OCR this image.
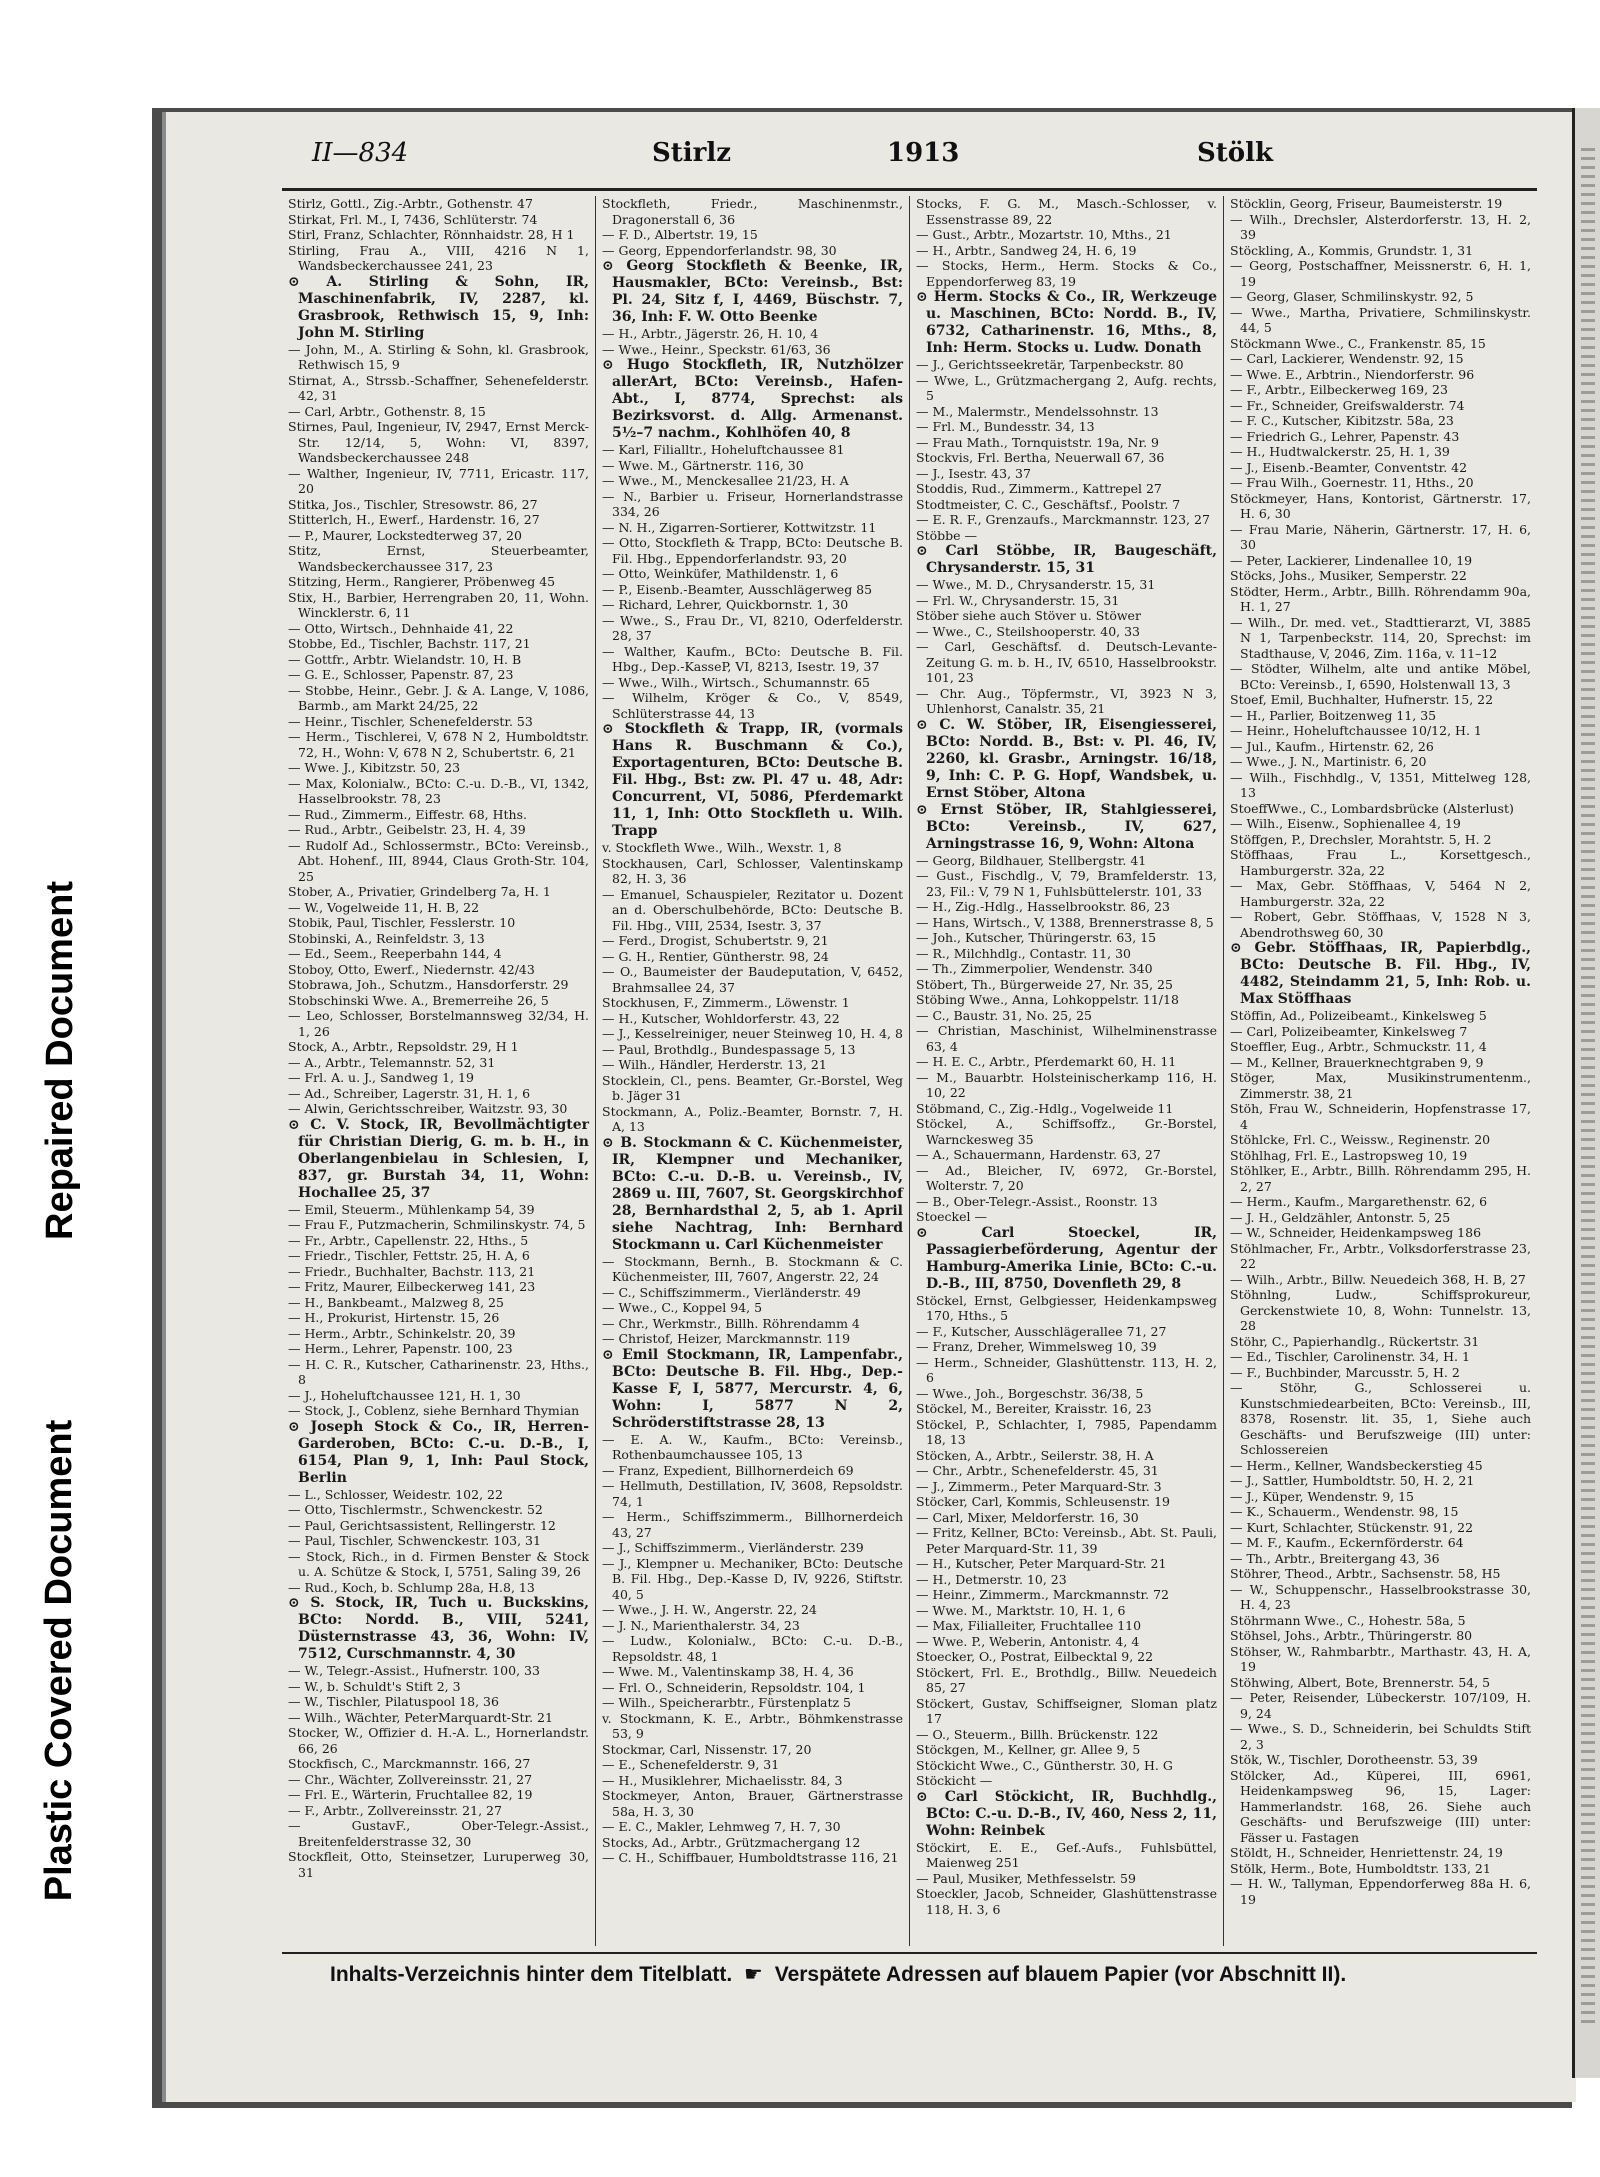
Plastic Covered Document
Repaired Document
II—834	Stirlz	1913	Stölk

Stirlz, Gottl., Zig.-Arbtr., Gothenstr. 47

Stirkat, Frl. M., I, 7436, Schlüterstr. 74

Stirl, Franz, Schlachter, Rönnhaidstr. 28, H 1

Stirling, Frau A., VIII, 4216 N 1, Wandsbeckerchaussee 241, 23

⊙ A. Stirling & Sohn, IR, Maschinenfabrik, IV, 2287, kl. Grasbrook, Rethwisch 15, 9, Inh: John M. Stirling

— John, M., A. Stirling & Sohn, kl. Grasbrook, Rethwisch 15, 9

Stirnat, A., Strssb.-Schaffner, Sehenefelderstr. 42, 31

— Carl, Arbtr., Gothenstr. 8, 15

Stirnes, Paul, Ingenieur, IV, 2947, Ernst Merck-Str. 12/14, 5, Wohn: VI, 8397, Wandsbeckerchaussee 248

— Walther, Ingenieur, IV, 7711, Ericastr. 117, 20

Stitka, Jos., Tischler, Stresowstr. 86, 27

Stitterlch, H., Ewerf., Hardenstr. 16, 27

— P., Maurer, Lockstedterweg 37, 20

Stitz, Ernst, Steuerbeamter, Wandsbeckerchaussee 317, 23

Stitzing, Herm., Rangierer, Pröbenweg 45

Stix, H., Barbier, Herrengraben 20, 11, Wohn. Wincklerstr. 6, 11

— Otto, Wirtsch., Dehnhaide 41, 22

Stobbe, Ed., Tischler, Bachstr. 117, 21

— Gottfr., Arbtr. Wielandstr. 10, H. B

— G. E., Schlosser, Papenstr. 87, 23

— Stobbe, Heinr., Gebr. J. & A. Lange, V, 1086, Barmb., am Markt 24/25, 22

— Heinr., Tischler, Schenefelderstr. 53

— Herm., Tischlerei, V, 678 N 2, Humboldtstr. 72, H., Wohn: V, 678 N 2, Schubertstr. 6, 21

— Wwe. J., Kibitzstr. 50, 23

— Max, Kolonialw., BCto: C.-u. D.-B., VI, 1342, Hasselbrookstr. 78, 23

— Rud., Zimmerm., Eiffestr. 68, Hths.

— Rud., Arbtr., Geibelstr. 23, H. 4, 39

— Rudolf Ad., Schlossermstr., BCto: Vereinsb., Abt. Hohenf., III, 8944, Claus Groth-Str. 104, 25

Stober, A., Privatier, Grindelberg 7a, H. 1

— W., Vogelweide 11, H. B, 22

Stobik, Paul, Tischler, Fesslerstr. 10

Stobinski, A., Reinfeldstr. 3, 13

— Ed., Seem., Reeperbahn 144, 4

Stoboy, Otto, Ewerf., Niedernstr. 42/43

Stobrawa, Joh., Schutzm., Hansdorferstr. 29

Stobschinski Wwe. A., Bremerreihe 26, 5

— Leo, Schlosser, Borstelmannsweg 32/34, H. 1, 26

Stock, A., Arbtr., Repsoldstr. 29, H 1

— A., Arbtr., Telemannstr. 52, 31

— Frl. A. u. J., Sandweg 1, 19

— Ad., Schreiber, Lagerstr. 31, H. 1, 6

— Alwin, Gerichtsschreiber, Waitzstr. 93, 30

⊙ C. V. Stock, IR, Bevollmächtigter für Christian Dierig, G. m. b. H., in Oberlangenbielau in Schlesien, I, 837, gr. Burstah 34, 11, Wohn: Hochallee 25, 37

— Emil, Steuerm., Mühlenkamp 54, 39

— Frau F., Putzmacherin, Schmilinskystr. 74, 5

— Fr., Arbtr., Capellenstr. 22, Hths., 5

— Friedr., Tischler, Fettstr. 25, H. A, 6

— Friedr., Buchhalter, Bachstr. 113, 21

— Fritz, Maurer, Eilbeckerweg 141, 23

— H., Bankbeamt., Malzweg 8, 25

— H., Prokurist, Hirtenstr. 15, 26

— Herm., Arbtr., Schinkelstr. 20, 39

— Herm., Lehrer, Papenstr. 100, 23

— H. C. R., Kutscher, Catharinenstr. 23, Hths., 8

— J., Hoheluftchaussee 121, H. 1, 30

— Stock, J., Coblenz, siehe Bernhard Thymian

⊙ Joseph Stock & Co., IR, Herren-Garderoben, BCto: C.-u. D.-B., I, 6154, Plan 9, 1, Inh: Paul Stock, Berlin

— L., Schlosser, Weidestr. 102, 22

— Otto, Tischlermstr., Schwenckestr. 52

— Paul, Gerichtsassistent, Rellingerstr. 12

— Paul, Tischler, Schwenckestr. 103, 31

— Stock, Rich., in d. Firmen Benster & Stock u. A. Schütze & Stock, I, 5751, Saling 39, 26

— Rud., Koch, b. Schlump 28a, H.8, 13

⊙ S. Stock, IR, Tuch u. Buckskins, BCto: Nordd. B., VIII, 5241, Düsternstrasse 43, 36, Wohn: IV, 7512, Curschmannstr. 4, 30

— W., Telegr.-Assist., Hufnerstr. 100, 33

— W., b. Schuldt's Stift 2, 3

— W., Tischler, Pilatuspool 18, 36

— Wilh., Wächter, PeterMarquardt-Str. 21

Stocker, W., Offizier d. H.-A. L., Hornerlandstr. 66, 26

Stockfisch, C., Marckmannstr. 166, 27

— Chr., Wächter, Zollvereinsstr. 21, 27

— Frl. E., Wärterin, Fruchtallee 82, 19

— F., Arbtr., Zollvereinsstr. 21, 27

— GustavF., Ober-Telegr.-Assist., Breitenfelderstrasse 32, 30

Stockfleit, Otto, Steinsetzer, Luruperweg 30, 31

Stockfleth, Friedr., Maschinenmstr., Dragonerstall 6, 36

— F. D., Albertstr. 19, 15

— Georg, Eppendorferlandstr. 98, 30

⊙ Georg Stockfleth & Beenke, IR, Hausmakler, BCto: Vereinsb., Bst: Pl. 24, Sitz f, I, 4469, Büschstr. 7, 36, Inh: F. W. Otto Beenke

— H., Arbtr., Jägerstr. 26, H. 10, 4

— Wwe., Heinr., Speckstr. 61/63, 36

⊙ Hugo Stockfleth, IR, Nutzhölzer allerArt, BCto: Vereinsb., Hafen-Abt., I, 8774, Sprechst: als Bezirksvorst. d. Allg. Armenanst. 5½–7 nachm., Kohlhöfen 40, 8

— Karl, Filialltr., Hoheluftchaussee 81

— Wwe. M., Gärtnerstr. 116, 30

— Wwe., M., Menckesallee 21/23, H. A

— N., Barbier u. Friseur, Hornerlandstrasse 334, 26

— N. H., Zigarren-Sortierer, Kottwitzstr. 11

— Otto, Stockfleth & Trapp, BCto: Deutsche B. Fil. Hbg., Eppendorferlandstr. 93, 20

— Otto, Weinküfer, Mathildenstr. 1, 6

— P., Eisenb.-Beamter, Ausschlägerweg 85

— Richard, Lehrer, Quickbornstr. 1, 30

— Wwe., S., Frau Dr., VI, 8210, Oderfelderstr. 28, 37

— Walther, Kaufm., BCto: Deutsche B. Fil. Hbg., Dep.-KasseP, VI, 8213, Isestr. 19, 37

— Wwe., Wilh., Wirtsch., Schumannstr. 65

— Wilhelm, Kröger & Co., V, 8549, Schlüterstrasse 44, 13

⊙ Stockfleth & Trapp, IR, (vormals Hans R. Buschmann & Co.), Exportagenturen, BCto: Deutsche B. Fil. Hbg., Bst: zw. Pl. 47 u. 48, Adr: Concurrent, VI, 5086, Pferdemarkt 11, 1, Inh: Otto Stockfleth u. Wilh. Trapp

v. Stockfleth Wwe., Wilh., Wexstr. 1, 8

Stockhausen, Carl, Schlosser, Valentinskamp 82, H. 3, 36

— Emanuel, Schauspieler, Rezitator u. Dozent an d. Oberschulbehörde, BCto: Deutsche B. Fil. Hbg., VIII, 2534, Isestr. 3, 37

— Ferd., Drogist, Schubertstr. 9, 21

— G. H., Rentier, Güntherstr. 98, 24

— O., Baumeister der Baudeputation, V, 6452, Brahmsallee 24, 37

Stockhusen, F., Zimmerm., Löwenstr. 1

— H., Kutscher, Wohldorferstr. 43, 22

— J., Kesselreiniger, neuer Steinweg 10, H. 4, 8

— Paul, Brothdlg., Bundespassage 5, 13

— Wilh., Händler, Herderstr. 13, 21

Stocklein, Cl., pens. Beamter, Gr.-Borstel, Weg b. Jäger 31

Stockmann, A., Poliz.-Beamter, Bornstr. 7, H. A, 13

⊙ B. Stockmann & C. Küchenmeister, IR, Klempner und Mechaniker, BCto: C.-u. D.-B. u. Vereinsb., IV, 2869 u. III, 7607, St. Georgskirchhof 28, Bernhardsthal 2, 5, ab 1. April siehe Nachtrag, Inh: Bernhard Stockmann u. Carl Küchenmeister

— Stockmann, Bernh., B. Stockmann & C. Küchenmeister, III, 7607, Angerstr. 22, 24

— C., Schiffszimmerm., Vierländerstr. 49

— Wwe., C., Koppel 94, 5

— Chr., Werkmstr., Billh. Röhrendamm 4

— Christof, Heizer, Marckmannstr. 119

⊙ Emil Stockmann, IR, Lampenfabr., BCto: Deutsche B. Fil. Hbg., Dep.-Kasse F, I, 5877, Mercurstr. 4, 6, Wohn: I, 5877 N 2, Schröderstiftstrasse 28, 13

— E. A. W., Kaufm., BCto: Vereinsb., Rothenbaumchaussee 105, 13

— Franz, Expedient, Billhornerdeich 69

— Hellmuth, Destillation, IV, 3608, Repsoldstr. 74, 1

— Herm., Schiffszimmerm., Billhornerdeich 43, 27

— J., Schiffszimmerm., Vierländerstr. 239

— J., Klempner u. Mechaniker, BCto: Deutsche B. Fil. Hbg., Dep.-Kasse D, IV, 9226, Stiftstr. 40, 5

— Wwe., J. H. W., Angerstr. 22, 24

— J. N., Marienthalerstr. 34, 23

— Ludw., Kolonialw., BCto: C.-u. D.-B., Repsoldstr. 48, 1

— Wwe. M., Valentinskamp 38, H. 4, 36

— Frl. O., Schneiderin, Repsoldstr. 104, 1

— Wilh., Speicherarbtr., Fürstenplatz 5

v. Stockmann, K. E., Arbtr., Böhmkenstrasse 53, 9

Stockmar, Carl, Nissenstr. 17, 20

— E., Schenefelderstr. 9, 31

— H., Musiklehrer, Michaelisstr. 84, 3

Stockmeyer, Anton, Brauer, Gärtnerstrasse 58a, H. 3, 30

— E. C., Makler, Lehmweg 7, H. 7, 30

Stocks, Ad., Arbtr., Grützmachergang 12

— C. H., Schiffbauer, Humboldtstrasse 116, 21

Stocks, F. G. M., Masch.-Schlosser, v. Essenstrasse 89, 22

— Gust., Arbtr., Mozartstr. 10, Mths., 21

— H., Arbtr., Sandweg 24, H. 6, 19

— Stocks, Herm., Herm. Stocks & Co., Eppendorferweg 83, 19

⊙ Herm. Stocks & Co., IR, Werkzeuge u. Maschinen, BCto: Nordd. B., IV, 6732, Catharinenstr. 16, Mths., 8, Inh: Herm. Stocks u. Ludw. Donath

— J., Gerichtsseekretär, Tarpenbeckstr. 80

— Wwe, L., Grützmachergang 2, Aufg. rechts, 5

— M., Malermstr., Mendelssohnstr. 13

— Frl. M., Bundesstr. 34, 13

— Frau Math., Tornquiststr. 19a, Nr. 9

Stockvis, Frl. Bertha, Neuerwall 67, 36

— J., Isestr. 43, 37

Stoddis, Rud., Zimmerm., Kattrepel 27

Stodtmeister, C. C., Geschäftsf., Poolstr. 7

— E. R. F., Grenzaufs., Marckmannstr. 123, 27

Stöbbe —

⊙ Carl Stöbbe, IR, Baugeschäft, Chrysanderstr. 15, 31

— Wwe., M. D., Chrysanderstr. 15, 31

— Frl. W., Chrysanderstr. 15, 31

Stöber siehe auch Stöver u. Stöwer

— Wwe., C., Steilshooperstr. 40, 33

— Carl, Geschäftsf. d. Deutsch-Levante-Zeitung G. m. b. H., IV, 6510, Hasselbrookstr. 101, 23

— Chr. Aug., Töpfermstr., VI, 3923 N 3, Uhlenhorst, Canalstr. 35, 21

⊙ C. W. Stöber, IR, Eisengiesserei, BCto: Nordd. B., Bst: v. Pl. 46, IV, 2260, kl. Grasbr., Arningstr. 16/18, 9, Inh: C. P. G. Hopf, Wandsbek, u. Ernst Stöber, Altona

⊙ Ernst Stöber, IR, Stahlgiesserei, BCto: Vereinsb., IV, 627, Arningstrasse 16, 9, Wohn: Altona

— Georg, Bildhauer, Stellbergstr. 41

— Gust., Fischdlg., V, 79, Bramfelderstr. 13, 23, Fil.: V, 79 N 1, Fuhlsbüttelerstr. 101, 33

— H., Zig.-Hdlg., Hasselbrookstr. 86, 23

— Hans, Wirtsch., V, 1388, Brennerstrasse 8, 5

— Joh., Kutscher, Thüringerstr. 63, 15

— R., Milchhdlg., Contastr. 11, 30

— Th., Zimmerpolier, Wendenstr. 340

Stöbert, Th., Bürgerweide 27, Nr. 35, 25

Stöbing Wwe., Anna, Lohkoppelstr. 11/18

— C., Baustr. 31, No. 25, 25

— Christian, Maschinist, Wilhelminenstrasse 63, 4

— H. E. C., Arbtr., Pferdemarkt 60, H. 11

— M., Bauarbtr. Holsteinischerkamp 116, H. 10, 22

Stöbmand, C., Zig.-Hdlg., Vogelweide 11

Stöckel, A., Schiffsoffz., Gr.-Borstel, Warnckesweg 35

— A., Schauermann, Hardenstr. 63, 27

— Ad., Bleicher, IV, 6972, Gr.-Borstel, Wolterstr. 7, 20

— B., Ober-Telegr.-Assist., Roonstr. 13

Stoeckel —

⊙ Carl Stoeckel, IR, Passagierbeförderung, Agentur der Hamburg-Amerika Linie, BCto: C.-u. D.-B., III, 8750, Dovenfleth 29, 8

Stöckel, Ernst, Gelbgiesser, Heidenkampsweg 170, Hths., 5

— F., Kutscher, Ausschlägerallee 71, 27

— Franz, Dreher, Wimmelsweg 10, 39

— Herm., Schneider, Glashüttenstr. 113, H. 2, 6

— Wwe., Joh., Borgeschstr. 36/38, 5

Stöckel, M., Bereiter, Kraisstr. 16, 23

Stöckel, P., Schlachter, I, 7985, Papendamm 18, 13

Stöcken, A., Arbtr., Seilerstr. 38, H. A

— Chr., Arbtr., Schenefelderstr. 45, 31

— J., Zimmerm., Peter Marquard-Str. 3

Stöcker, Carl, Kommis, Schleusenstr. 19

— Carl, Mixer, Meldorferstr. 16, 30

— Fritz, Kellner, BCto: Vereinsb., Abt. St. Pauli, Peter Marquard-Str. 11, 39

— H., Kutscher, Peter Marquard-Str. 21

— H., Detmerstr. 10, 23

— Heinr., Zimmerm., Marckmannstr. 72

— Wwe. M., Marktstr. 10, H. 1, 6

— Max, Filialleiter, Fruchtallee 110

— Wwe. P., Weberin, Antonistr. 4, 4

Stoecker, O., Postrat, Eilbecktal 9, 22

Stöckert, Frl. E., Brothdlg., Billw. Neuedeich 85, 27

Stöckert, Gustav, Schiffseigner, Sloman platz 17

— O., Steuerm., Billh. Brückenstr. 122

Stöckgen, M., Kellner, gr. Allee 9, 5

Stöckicht Wwe., C., Güntherstr. 30, H. G

Stöckicht —

⊙ Carl Stöckicht, IR, Buchhdlg., BCto: C.-u. D.-B., IV, 460, Ness 2, 11, Wohn: Reinbek

Stöckirt, E. E., Gef.-Aufs., Fuhlsbüttel, Maienweg 251

— Paul, Musiker, Methfesselstr. 59

Stoeckler, Jacob, Schneider, Glashüttenstrasse 118, H. 3, 6

Stöcklin, Georg, Friseur, Baumeisterstr. 19

— Wilh., Drechsler, Alsterdorferstr. 13, H. 2, 39

Stöckling, A., Kommis, Grundstr. 1, 31

— Georg, Postschaffner, Meissnerstr. 6, H. 1, 19

— Georg, Glaser, Schmilinskystr. 92, 5

— Wwe., Martha, Privatiere, Schmilinskystr. 44, 5

Stöckmann Wwe., C., Frankenstr. 85, 15

— Carl, Lackierer, Wendenstr. 92, 15

— Wwe. E., Arbtrin., Niendorferstr. 96

— F., Arbtr., Eilbeckerweg 169, 23

— Fr., Schneider, Greifswalderstr. 74

— F. C., Kutscher, Kibitzstr. 58a, 23

— Friedrich G., Lehrer, Papenstr. 43

— H., Hudtwalckerstr. 25, H. 1, 39

— J., Eisenb.-Beamter, Conventstr. 42

— Frau Wilh., Goernestr. 11, Hths., 20

Stöckmeyer, Hans, Kontorist, Gärtnerstr. 17, H. 6, 30

— Frau Marie, Näherin, Gärtnerstr. 17, H. 6, 30

— Peter, Lackierer, Lindenallee 10, 19

Stöcks, Johs., Musiker, Semperstr. 22

Stödter, Herm., Arbtr., Billh. Röhrendamm 90a, H. 1, 27

— Wilh., Dr. med. vet., Stadttierarzt, VI, 3885 N 1, Tarpenbeckstr. 114, 20, Sprechst: im Stadthause, V, 2046, Zim. 116a, v. 11–12

— Stödter, Wilhelm, alte und antike Möbel, BCto: Vereinsb., I, 6590, Holstenwall 13, 3

Stoef, Emil, Buchhalter, Hufnerstr. 15, 22

— H., Parlier, Boitzenweg 11, 35

— Heinr., Hoheluftchaussee 10/12, H. 1

— Jul., Kaufm., Hirtenstr. 62, 26

— Wwe., J. N., Martinistr. 6, 20

— Wilh., Fischhdlg., V, 1351, Mittelweg 128, 13

StoeffWwe., C., Lombardsbrücke (Alsterlust)

— Wilh., Eisenw., Sophienallee 4, 19

Stöffgen, P., Drechsler, Morahtstr. 5, H. 2

Stöffhaas, Frau L., Korsettgesch., Hamburgerstr. 32a, 22

— Max, Gebr. Stöffhaas, V, 5464 N 2, Hamburgerstr. 32a, 22

— Robert, Gebr. Stöffhaas, V, 1528 N 3, Abendrothsweg 60, 30

⊙ Gebr. Stöffhaas, IR, Papierbdlg., BCto: Deutsche B. Fil. Hbg., IV, 4482, Steindamm 21, 5, Inh: Rob. u. Max Stöffhaas

Stöffin, Ad., Polizeibeamt., Kinkelsweg 5

— Carl, Polizeibeamter, Kinkelsweg 7

Stoeffler, Eug., Arbtr., Schmuckstr. 11, 4

— M., Kellner, Brauerknechtgraben 9, 9

Stöger, Max, Musikinstrumentenm., Zimmerstr. 38, 21

Stöh, Frau W., Schneiderin, Hopfenstrasse 17, 4

Stöhlcke, Frl. C., Weissw., Reginenstr. 20

Stöhlhag, Frl. E., Lastropsweg 10, 19

Stöhlker, E., Arbtr., Billh. Röhrendamm 295, H. 2, 27

— Herm., Kaufm., Margarethenstr. 62, 6

— J. H., Geldzähler, Antonstr. 5, 25

— W., Schneider, Heidenkampsweg 186

Stöhlmacher, Fr., Arbtr., Volksdorferstrasse 23, 22

— Wilh., Arbtr., Billw. Neuedeich 368, H. B, 27

Stöhnlng, Ludw., Schiffsprokureur, Gerckenstwiete 10, 8, Wohn: Tunnelstr. 13, 28

Stöhr, C., Papierhandlg., Rückertstr. 31

— Ed., Tischler, Carolinenstr. 34, H. 1

— F., Buchbinder, Marcusstr. 5, H. 2

— Stöhr, G., Schlosserei u. Kunstschmiedearbeiten, BCto: Vereinsb., III, 8378, Rosenstr. lit. 35, 1, Siehe auch Geschäfts- und Berufszweige (III) unter: Schlossereien

— Herm., Kellner, Wandsbeckerstieg 45

— J., Sattler, Humboldtstr. 50, H. 2, 21

— J., Küper, Wendenstr. 9, 15

— K., Schauerm., Wendenstr. 98, 15

— Kurt, Schlachter, Stückenstr. 91, 22

— M. F., Kaufm., Eckernförderstr. 64

— Th., Arbtr., Breitergang 43, 36

Stöhrer, Theod., Arbtr., Sachsenstr. 58, H5

— W., Schuppenschr., Hasselbrookstrasse 30, H. 4, 23

Stöhrmann Wwe., C., Hohestr. 58a, 5

Stöhsel, Johs., Arbtr., Thüringerstr. 80

Stöhser, W., Rahmbarbtr., Marthastr. 43, H. A, 19

Stöhwing, Albert, Bote, Brennerstr. 54, 5

— Peter, Reisender, Lübeckerstr. 107/109, H. 9, 24

— Wwe., S. D., Schneiderin, bei Schuldts Stift 2, 3

Stök, W., Tischler, Dorotheenstr. 53, 39

Stölcker, Ad., Küperei, III, 6961, Heidenkampsweg 96, 15, Lager: Hammerlandstr. 168, 26. Siehe auch Geschäfts- und Berufszweige (III) unter: Fässer u. Fastagen

Stöldt, H., Schneider, Henriettenstr. 24, 19

Stölk, Herm., Bote, Humboldtstr. 133, 21

— H. W., Tallyman, Eppendorferweg 88a H. 6, 19

Inhalts-Verzeichnis hinter dem Titelblatt. ☛ Verspätete Adressen auf blauem Papier (vor Abschnitt II).
